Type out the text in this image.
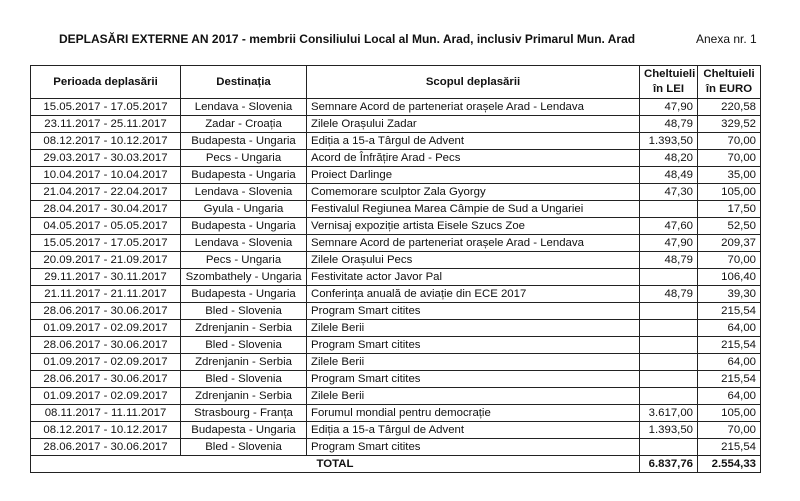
DEPLASĂRI EXTERNE AN 2017 - membrii Consiliului Local al Mun. Arad, inclusiv Primarul Mun. Arad	Anexa nr. 1
Perioada deplasării	Destinația	Scopul deplasării	Cheltuieli în LEI	Cheltuieli în EURO
15.05.2017 - 17.05.2017	Lendava - Slovenia	Semnare Acord de parteneriat orașele Arad - Lendava	47,90	220,58
23.11.2017 - 25.11.2017	Zadar - Croația	Zilele Orașului Zadar	48,79	329,52
08.12.2017 - 10.12.2017	Budapesta - Ungaria	Ediția a 15-a Târgul de Advent	1.393,50	70,00
29.03.2017 - 30.03.2017	Pecs - Ungaria	Acord de Înfrățire Arad - Pecs	48,20	70,00
10.04.2017 - 10.04.2017	Budapesta - Ungaria	Proiect Darlinge	48,49	35,00
21.04.2017 - 22.04.2017	Lendava - Slovenia	Comemorare sculptor Zala Gyorgy	47,30	105,00
28.04.2017 - 30.04.2017	Gyula - Ungaria	Festivalul Regiunea Marea Câmpie de Sud a Ungariei		17,50
04.05.2017 - 05.05.2017	Budapesta - Ungaria	Vernisaj expoziție artista Eisele Szucs Zoe	47,60	52,50
15.05.2017 - 17.05.2017	Lendava - Slovenia	Semnare Acord de parteneriat orașele Arad - Lendava	47,90	209,37
20.09.2017 - 21.09.2017	Pecs - Ungaria	Zilele Orașului Pecs	48,79	70,00
29.11.2017 - 30.11.2017	Szombathely - Ungaria	Festivitate actor Javor Pal		106,40
21.11.2017 - 21.11.2017	Budapesta - Ungaria	Conferința anuală de aviație din ECE 2017	48,79	39,30
28.06.2017 - 30.06.2017	Bled - Slovenia	Program Smart citites		215,54
01.09.2017 - 02.09.2017	Zdrenjanin - Serbia	Zilele Berii		64,00
28.06.2017 - 30.06.2017	Bled - Slovenia	Program Smart citites		215,54
01.09.2017 - 02.09.2017	Zdrenjanin - Serbia	Zilele Berii		64,00
28.06.2017 - 30.06.2017	Bled - Slovenia	Program Smart citites		215,54
01.09.2017 - 02.09.2017	Zdrenjanin - Serbia	Zilele Berii		64,00
08.11.2017 - 11.11.2017	Strasbourg - Franța	Forumul mondial pentru democrație	3.617,00	105,00
08.12.2017 - 10.12.2017	Budapesta - Ungaria	Ediția a 15-a Târgul de Advent	1.393,50	70,00
28.06.2017 - 30.06.2017	Bled - Slovenia	Program Smart citites		215,54
TOTAL			6.837,76	2.554,33
